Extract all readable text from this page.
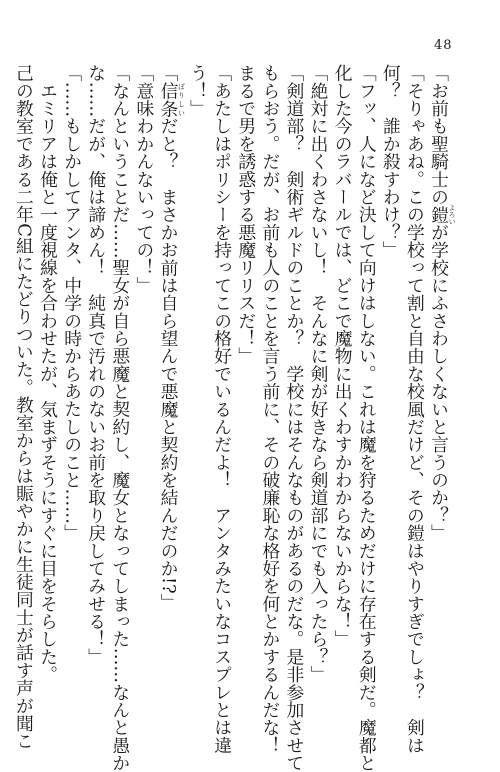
48
「お前も聖騎士の鎧よろいが学校にふさわしくないと言うのか？」
「そりゃあね。この学校って割と自由な校風だけど、その鎧はやりすぎでしょ？　剣は
何？　誰か殺すわけ？」
「フッ、人になど決して向けはしない。これは魔を狩るためだけに存在する剣だ。魔都と
化した今のラバールでは、どこで魔物に出くわすかわからないからな！」
「絶対に出くわさないし！　そんなに剣が好きなら剣道部にでも入ったら？」
「剣道部？　剣術ギルドのことか？　学校にはそんなものがあるのだな。是非参加させて
もらおう。だが、お前も人のことを言う前に、その破廉恥な格好を何とかするんだな！
まるで男を誘惑する悪魔リリスだ！」
「あたしはポリシーを持ってこの格好でいるんだよ！　アンタみたいなコスプレとは違
う！」
「信条ぽりしいだと？　まさかお前は自ら望んで悪魔と契約を結んだのか!?」
「意味わかんないっての！」
「なんということだ……聖女が自ら悪魔と契約し、魔女となってしまった……なんと愚か
な……だが、俺は諦めん！　純真で汚れのないお前を取り戻してみせる！」
「……もしかしてアンタ、中学の時からあたしのこと……」
　エミリアは俺と一度視線を合わせたが、気まずそうにすぐに目をそらした。
己の教室である二年C組にたどりついた。教室からは賑やかに生徒同士が話す声が聞こ
